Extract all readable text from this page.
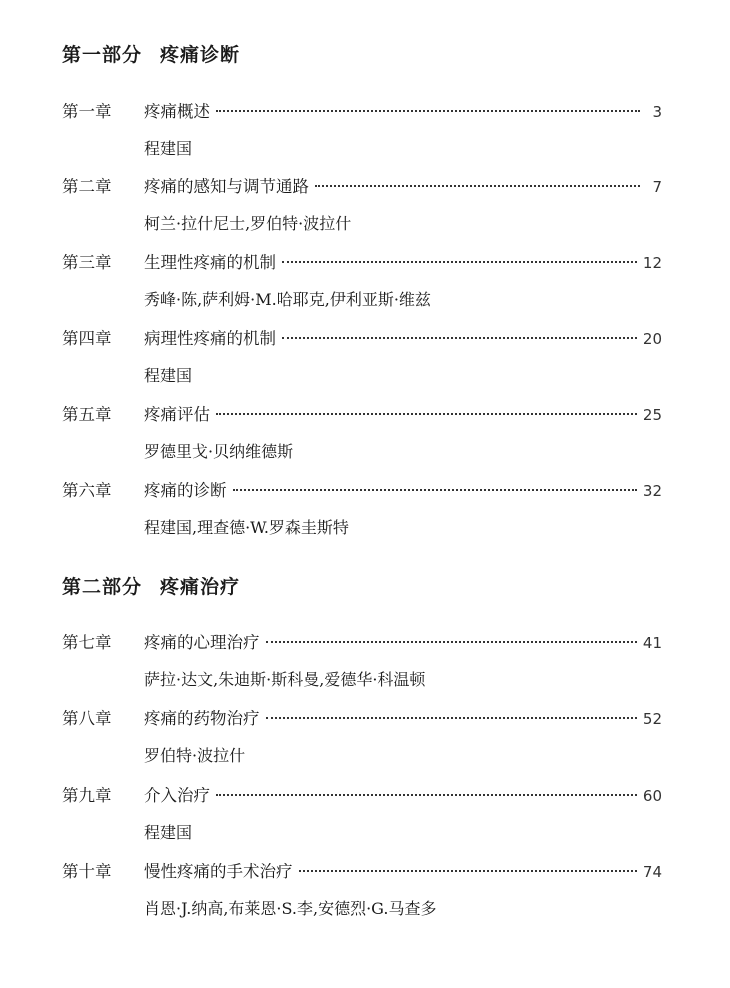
第一部分 疼痛诊断
第一章	疼痛概述	3
程建国
第二章	疼痛的感知与调节通路	7
柯兰·拉什尼士,罗伯特·波拉什
第三章	生理性疼痛的机制	12
秀峰·陈,萨利姆·M.哈耶克,伊利亚斯·维兹
第四章	病理性疼痛的机制	20
程建国
第五章	疼痛评估	25
罗德里戈·贝纳维德斯
第六章	疼痛的诊断	32
程建国,理查德·W.罗森圭斯特
第二部分 疼痛治疗
第七章	疼痛的心理治疗	41
萨拉·达文,朱迪斯·斯科曼,爱德华·科温顿
第八章	疼痛的药物治疗	52
罗伯特·波拉什
第九章	介入治疗	60
程建国
第十章	慢性疼痛的手术治疗	74
肖恩·J.纳高,布莱恩·S.李,安德烈·G.马查多
